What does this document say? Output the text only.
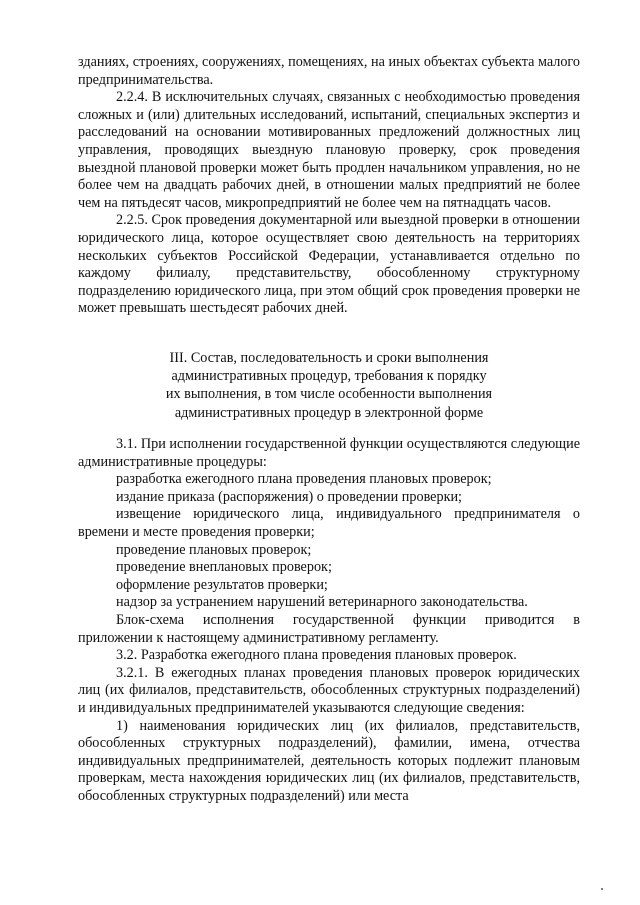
зданиях, строениях, сооружениях, помещениях, на иных объектах субъекта малого предпринимательства.

2.2.4. В исключительных случаях, связанных с необходимостью проведения сложных и (или) длительных исследований, испытаний, специальных экспертиз и расследований на основании мотивированных предложений должностных лиц управления, проводящих выездную плановую проверку, срок проведения выездной плановой проверки может быть продлен начальником управления, но не более чем на двадцать рабочих дней, в отношении малых предприятий не более чем на пятьдесят часов, микропредприятий не более чем на пятнадцать часов.

2.2.5. Срок проведения документарной или выездной проверки в отношении юридического лица, которое осуществляет свою деятельность на территориях нескольких субъектов Российской Федерации, устанавливается отдельно по каждому филиалу, представительству, обособленному структурному подразделению юридического лица, при этом общий срок проведения проверки не может превышать шестьдесят рабочих дней.

III. Состав, последовательность и сроки выполнения
административных процедур, требования к порядку
их выполнения, в том числе особенности выполнения
административных процедур в электронной форме

3.1. При исполнении государственной функции осуществляются следующие административные процедуры:

разработка ежегодного плана проведения плановых проверок;

издание приказа (распоряжения) о проведении проверки;

извещение юридического лица, индивидуального предпринимателя о времени и месте проведения проверки;

проведение плановых проверок;

проведение внеплановых проверок;

оформление результатов проверки;

надзор за устранением нарушений ветеринарного законодательства.

Блок-схема исполнения государственной функции приводится в приложении к настоящему административному регламенту.

3.2. Разработка ежегодного плана проведения плановых проверок.

3.2.1. В ежегодных планах проведения плановых проверок юридических лиц (их филиалов, представительств, обособленных структурных подразделений) и индивидуальных предпринимателей указываются следующие сведения:

1) наименования юридических лиц (их филиалов, представительств, обособленных структурных подразделений), фамилии, имена, отчества индивидуальных предпринимателей, деятельность которых подлежит плановым проверкам, места нахождения юридических лиц (их филиалов, представительств, обособленных структурных подразделений) или места
